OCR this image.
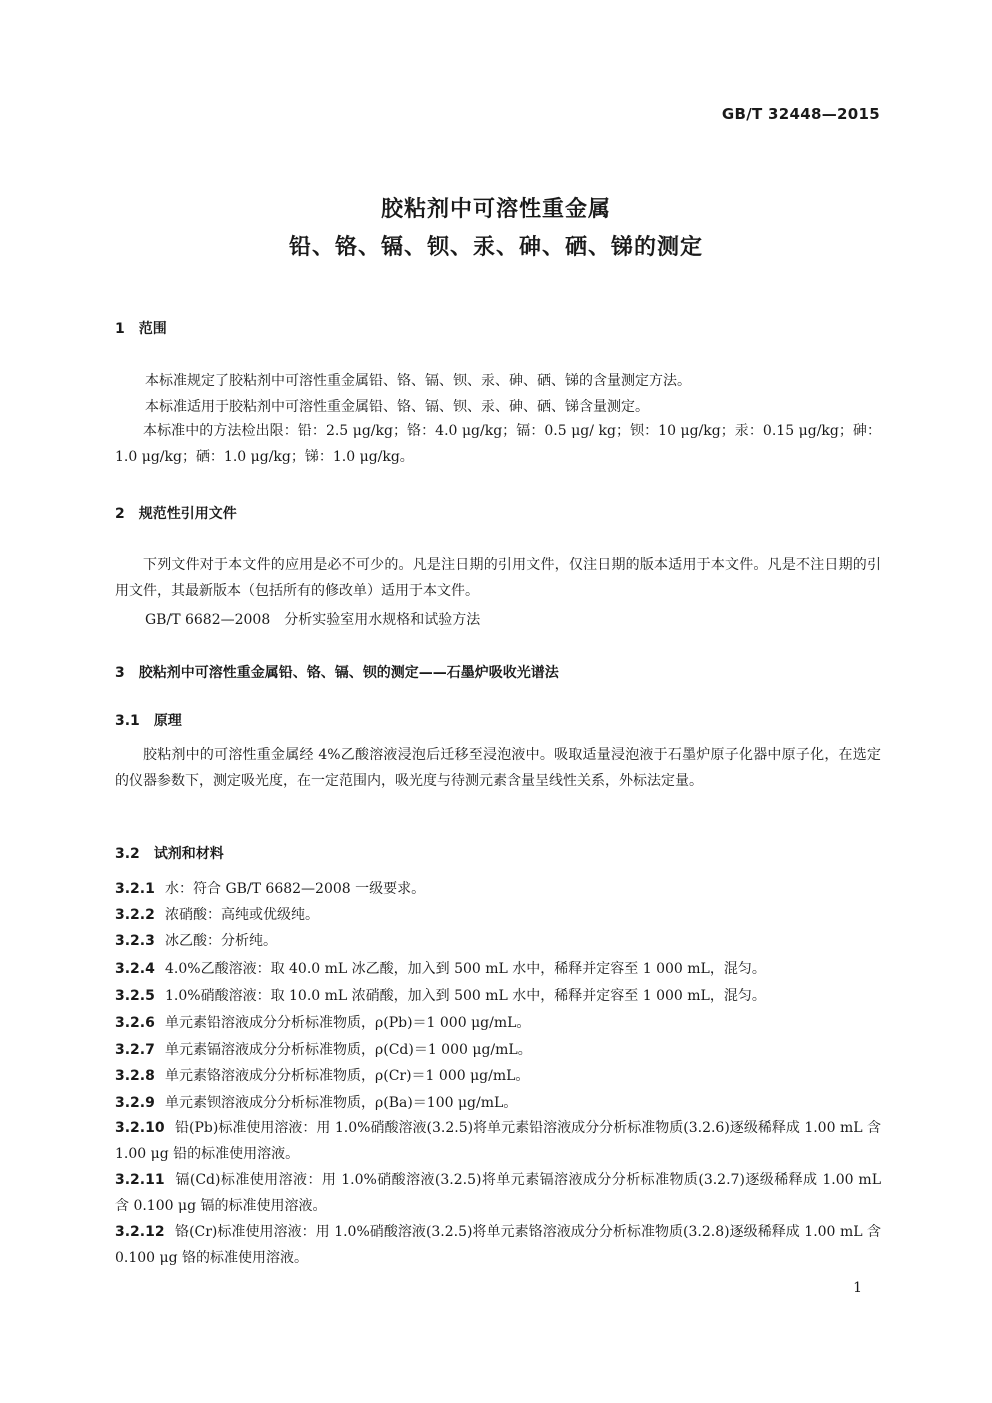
GB/T 32448—2015
胶粘剂中可溶性重金属
铅、铬、镉、钡、汞、砷、硒、锑的测定
1 范围
本标准规定了胶粘剂中可溶性重金属铅、铬、镉、钡、汞、砷、硒、锑的含量测定方法。
本标准适用于胶粘剂中可溶性重金属铅、铬、镉、钡、汞、砷、硒、锑含量测定。
本标准中的方法检出限：铅：2.5 μg/kg；铬：4.0 μg/kg；镉：0.5 μg/ kg；钡：10 μg/kg；汞：0.15 μg/kg；砷：1.0 μg/kg；硒：1.0 μg/kg；锑：1.0 μg/kg。
2 规范性引用文件
下列文件对于本文件的应用是必不可少的。凡是注日期的引用文件，仅注日期的版本适用于本文件。凡是不注日期的引用文件，其最新版本（包括所有的修改单）适用于本文件。
GB/T 6682—2008　分析实验室用水规格和试验方法
3 胶粘剂中可溶性重金属铅、铬、镉、钡的测定——石墨炉吸收光谱法
3.1 原理
胶粘剂中的可溶性重金属经 4%乙酸溶液浸泡后迁移至浸泡液中。吸取适量浸泡液于石墨炉原子化器中原子化，在选定的仪器参数下，测定吸光度，在一定范围内，吸光度与待测元素含量呈线性关系，外标法定量。
3.2 试剂和材料
3.2.1 水：符合 GB/T 6682—2008 一级要求。
3.2.2 浓硝酸：高纯或优级纯。
3.2.3 冰乙酸：分析纯。
3.2.4 4.0%乙酸溶液：取 40.0 mL 冰乙酸，加入到 500 mL 水中，稀释并定容至 1 000 mL，混匀。
3.2.5 1.0%硝酸溶液：取 10.0 mL 浓硝酸，加入到 500 mL 水中，稀释并定容至 1 000 mL，混匀。
3.2.6 单元素铅溶液成分分析标准物质，ρ(Pb)＝1 000 μg/mL。
3.2.7 单元素镉溶液成分分析标准物质，ρ(Cd)＝1 000 μg/mL。
3.2.8 单元素铬溶液成分分析标准物质，ρ(Cr)＝1 000 μg/mL。
3.2.9 单元素钡溶液成分分析标准物质，ρ(Ba)＝100 μg/mL。
3.2.10 铅(Pb)标准使用溶液：用 1.0%硝酸溶液(3.2.5)将单元素铅溶液成分分析标准物质(3.2.6)逐级稀释成 1.00 mL 含 1.00 μg 铅的标准使用溶液。
3.2.11 镉(Cd)标准使用溶液：用 1.0%硝酸溶液(3.2.5)将单元素镉溶液成分分析标准物质(3.2.7)逐级稀释成 1.00 mL 含 0.100 μg 镉的标准使用溶液。
3.2.12 铬(Cr)标准使用溶液：用 1.0%硝酸溶液(3.2.5)将单元素铬溶液成分分析标准物质(3.2.8)逐级稀释成 1.00 mL 含 0.100 μg 铬的标准使用溶液。
1
